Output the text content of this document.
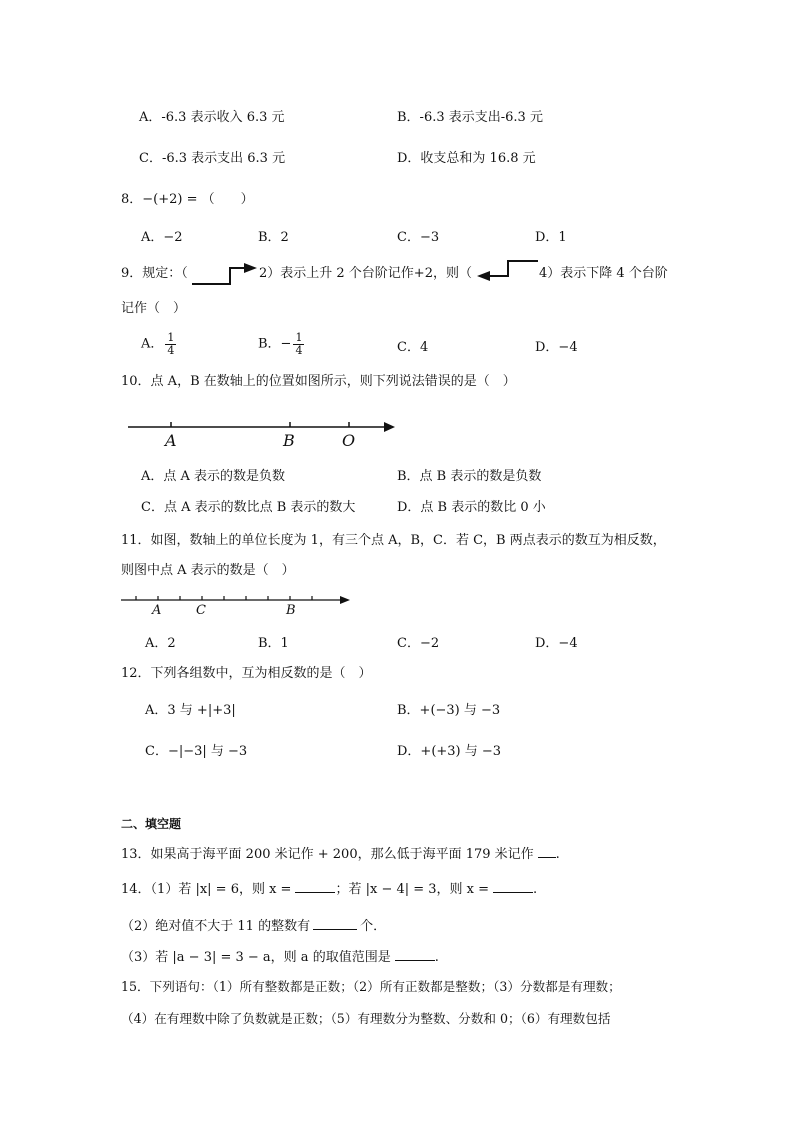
A．-6.3 表示收入 6.3 元	B．-6.3 表示支出-6.3 元
C．-6.3 表示支出 6.3 元	D．收支总和为 16.8 元
8．−(+2) = （　　）
A．−2	B．2	C．−3	D．1
9．规定：（	2）表示上升 2 个台阶记作+2，则（	4）表示下降 4 个台阶
记作（　）
A． $\frac{1}{4}$	B．− $\frac{1}{4}$	C．4	D．−4
10．点 A，B 在数轴上的位置如图所示，则下列说法错误的是（　）
A	B	O
A．点 A 表示的数是负数	B．点 B 表示的数是负数
C．点 A 表示的数比点 B 表示的数大	D．点 B 表示的数比 0 小
11．如图，数轴上的单位长度为 1，有三个点 A，B，C．若 C，B 两点表示的数互为相反数，
则图中点 A 表示的数是（　）
A	C	B
A．2	B．1	C．−2	D．−4
12．下列各组数中，互为相反数的是（　）
A．3 与 +|+3|	B．+(−3) 与 −3
C．−|−3| 与 −3	D．+(+3) 与 −3
二、填空题
13．如果高于海平面 200 米记作 + 200，那么低于海平面 179 米记作 .
14．（1）若 |x| = 6，则 x =	；若 |x − 4| = 3，则 x =	.
（2）绝对值不大于 11 的整数有	个．
（3）若 |a − 3| = 3 − a，则 a 的取值范围是	.
15．下列语句：（1）所有整数都是正数；（2）所有正数都是整数；（3）分数都是有理数；
（4）在有理数中除了负数就是正数；（5）有理数分为整数、分数和 0；（6）有理数包括
